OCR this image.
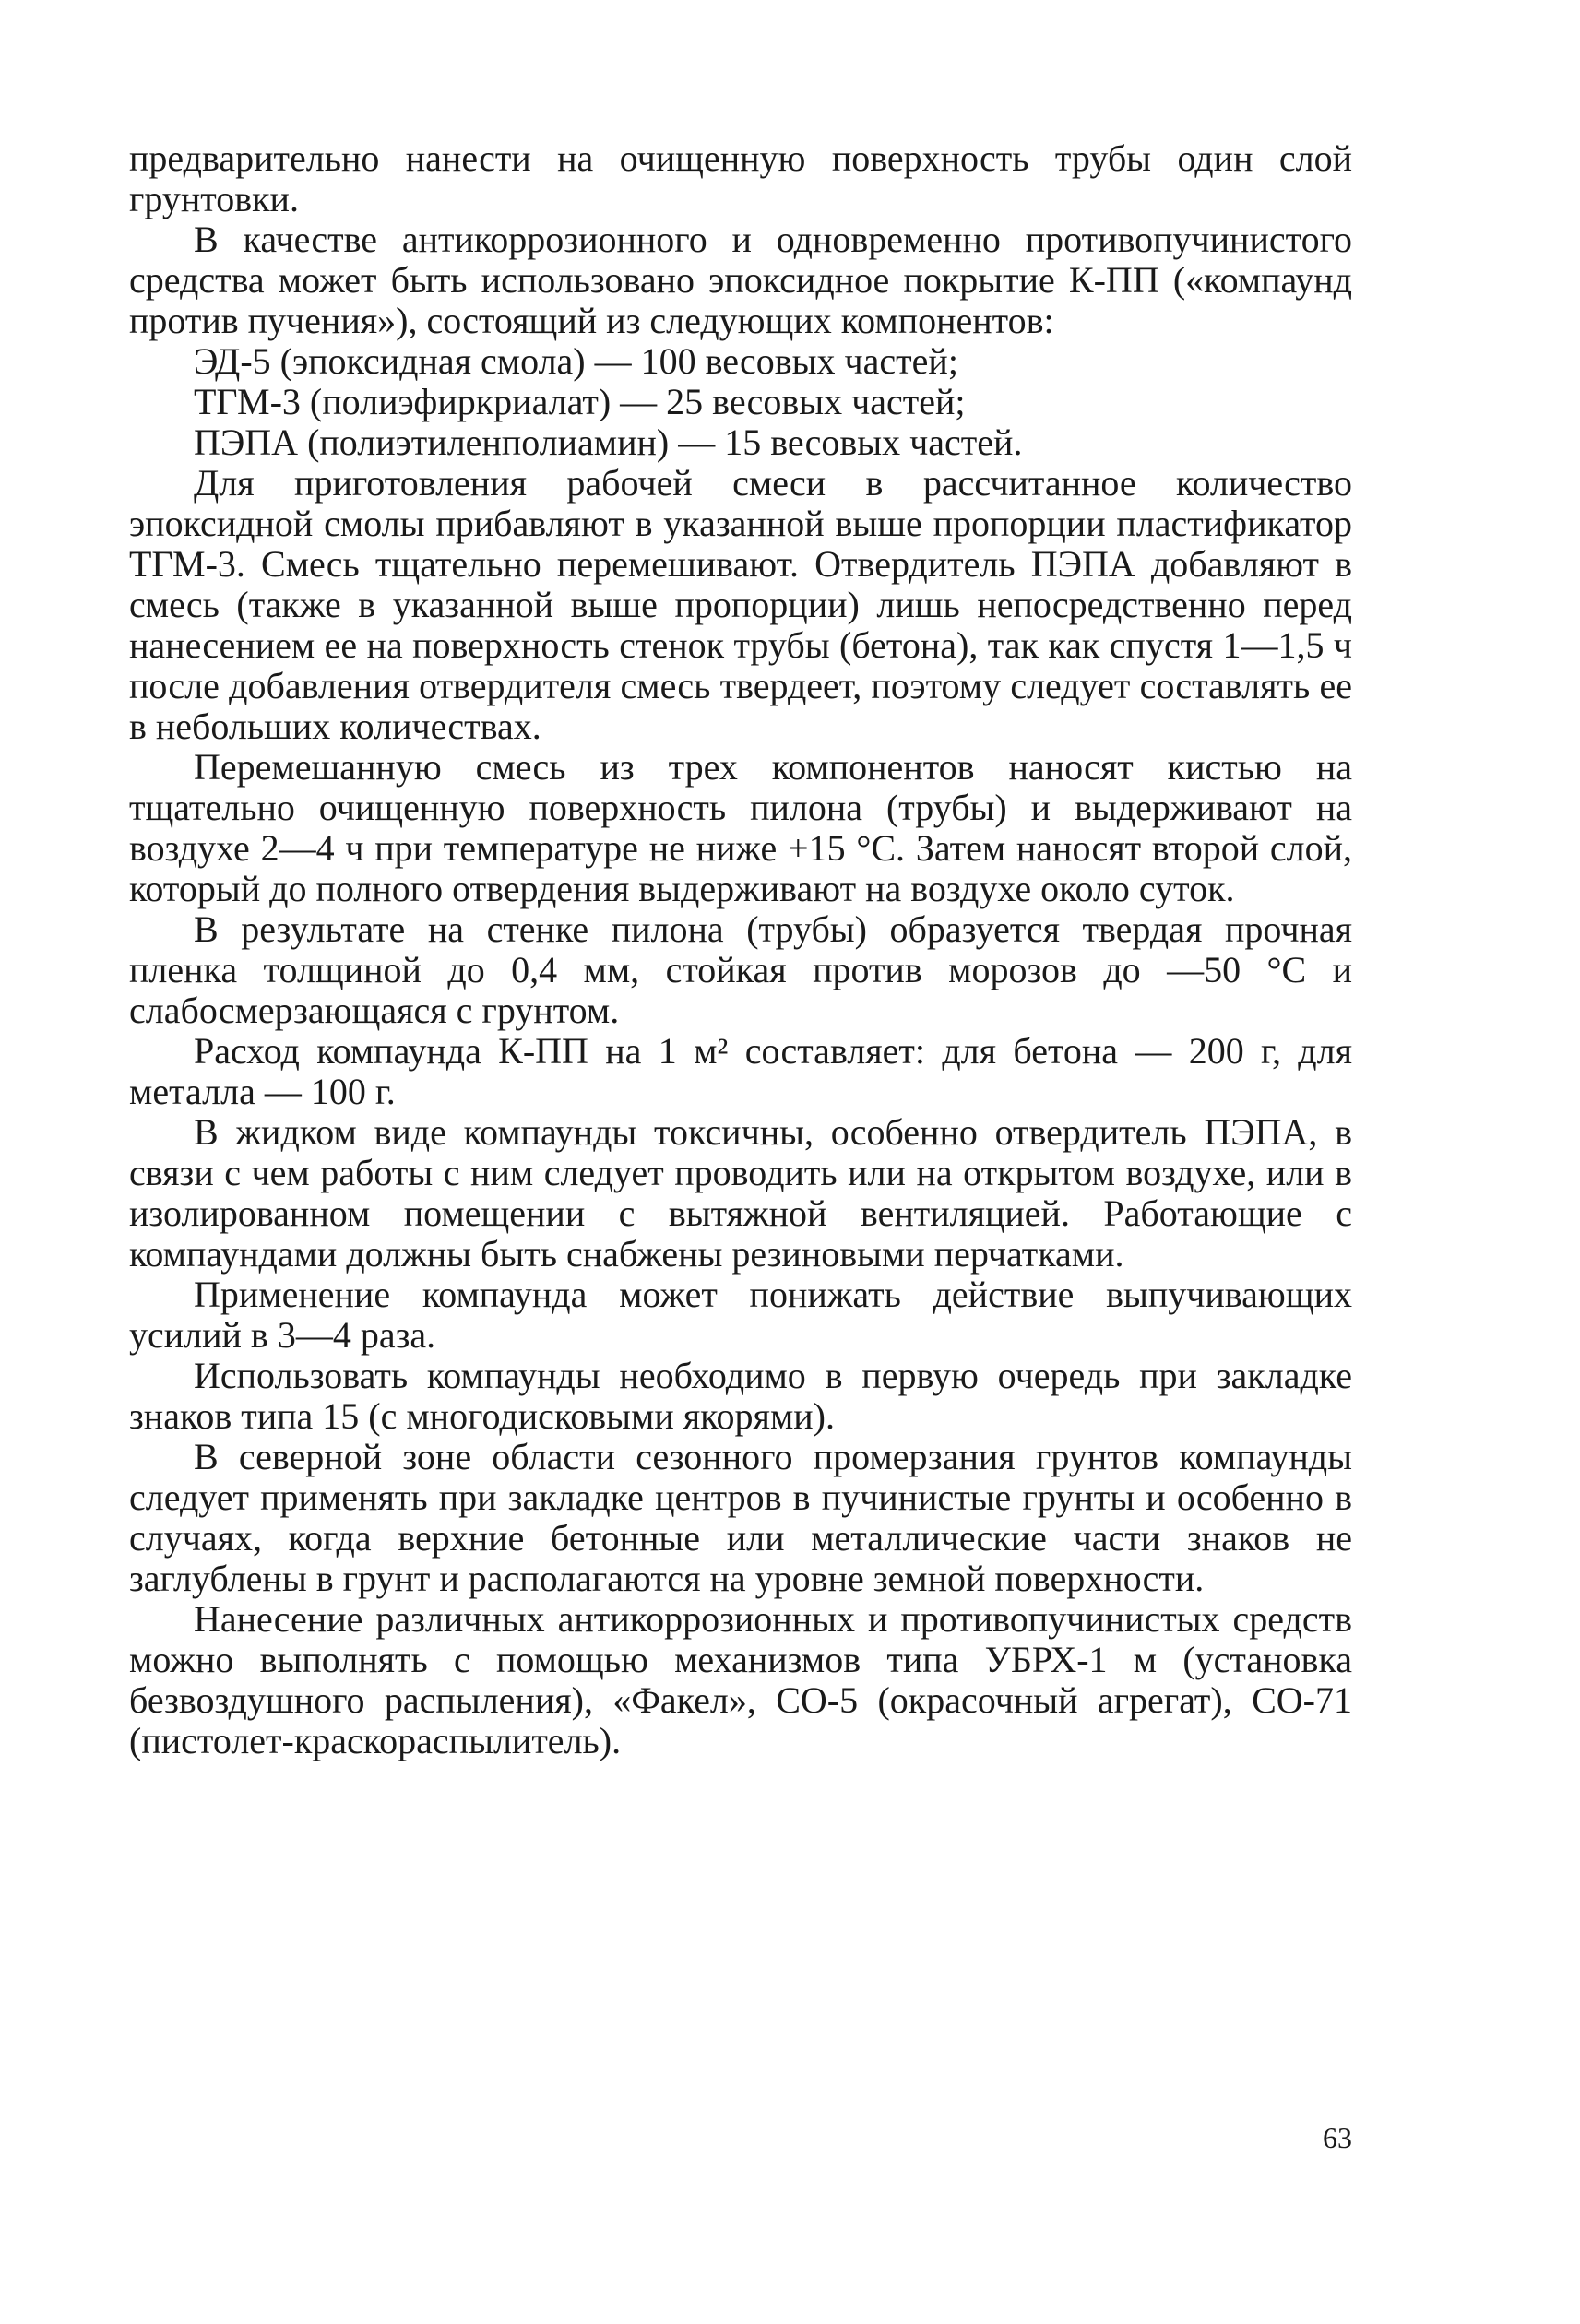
предварительно нанести на очищенную поверхность трубы один слой грунтовки.

В качестве антикоррозионного и одновременно противопучинистого средства может быть использовано эпоксидное покрытие К-ПП («компаунд против пучения»), состоящий из следующих компонентов:

ЭД-5 (эпоксидная смола) — 100 весовых частей;

ТГМ-3 (полиэфиркриалат) — 25 весовых частей;

ПЭПА (полиэтиленполиамин) — 15 весовых частей.

Для приготовления рабочей смеси в рассчитанное количество эпоксидной смолы прибавляют в указанной выше пропорции пластификатор ТГМ-3. Смесь тщательно перемешивают. Отвердитель ПЭПА добавляют в смесь (также в указанной выше пропорции) лишь непосредственно перед нанесением ее на поверхность стенок трубы (бетона), так как спустя 1—1,5 ч после добавления отвердителя смесь твердеет, поэтому следует составлять ее в небольших количествах.

Перемешанную смесь из трех компонентов наносят кистью на тщательно очищенную поверхность пилона (трубы) и выдерживают на воздухе 2—4 ч при температуре не ниже +15 °С. Затем наносят второй слой, который до полного отвердения выдерживают на воздухе около суток.

В результате на стенке пилона (трубы) образуется твердая прочная пленка толщиной до 0,4 мм, стойкая против морозов до —50 °С и слабосмерзающаяся с грунтом.

Расход компаунда К-ПП на 1 м² составляет: для бетона — 200 г, для металла — 100 г.

В жидком виде компаунды токсичны, особенно отвердитель ПЭПА, в связи с чем работы с ним следует проводить или на открытом воздухе, или в изолированном помещении с вытяжной вентиляцией. Работающие с компаундами должны быть снабжены резиновыми перчатками.

Применение компаунда может понижать действие выпучивающих усилий в 3—4 раза.

Использовать компаунды необходимо в первую очередь при закладке знаков типа 15 (с многодисковыми якорями).

В северной зоне области сезонного промерзания грунтов компаунды следует применять при закладке центров в пучинистые грунты и особенно в случаях, когда верхние бетонные или металлические части знаков не заглублены в грунт и располагаются на уровне земной поверхности.

Нанесение различных антикоррозионных и противопучинистых средств можно выполнять с помощью механизмов типа УБРХ-1 м (установка безвоздушного распыления), «Факел», СО-5 (окрасочный агрегат), СО-71 (пистолет-краскораспылитель).

63
